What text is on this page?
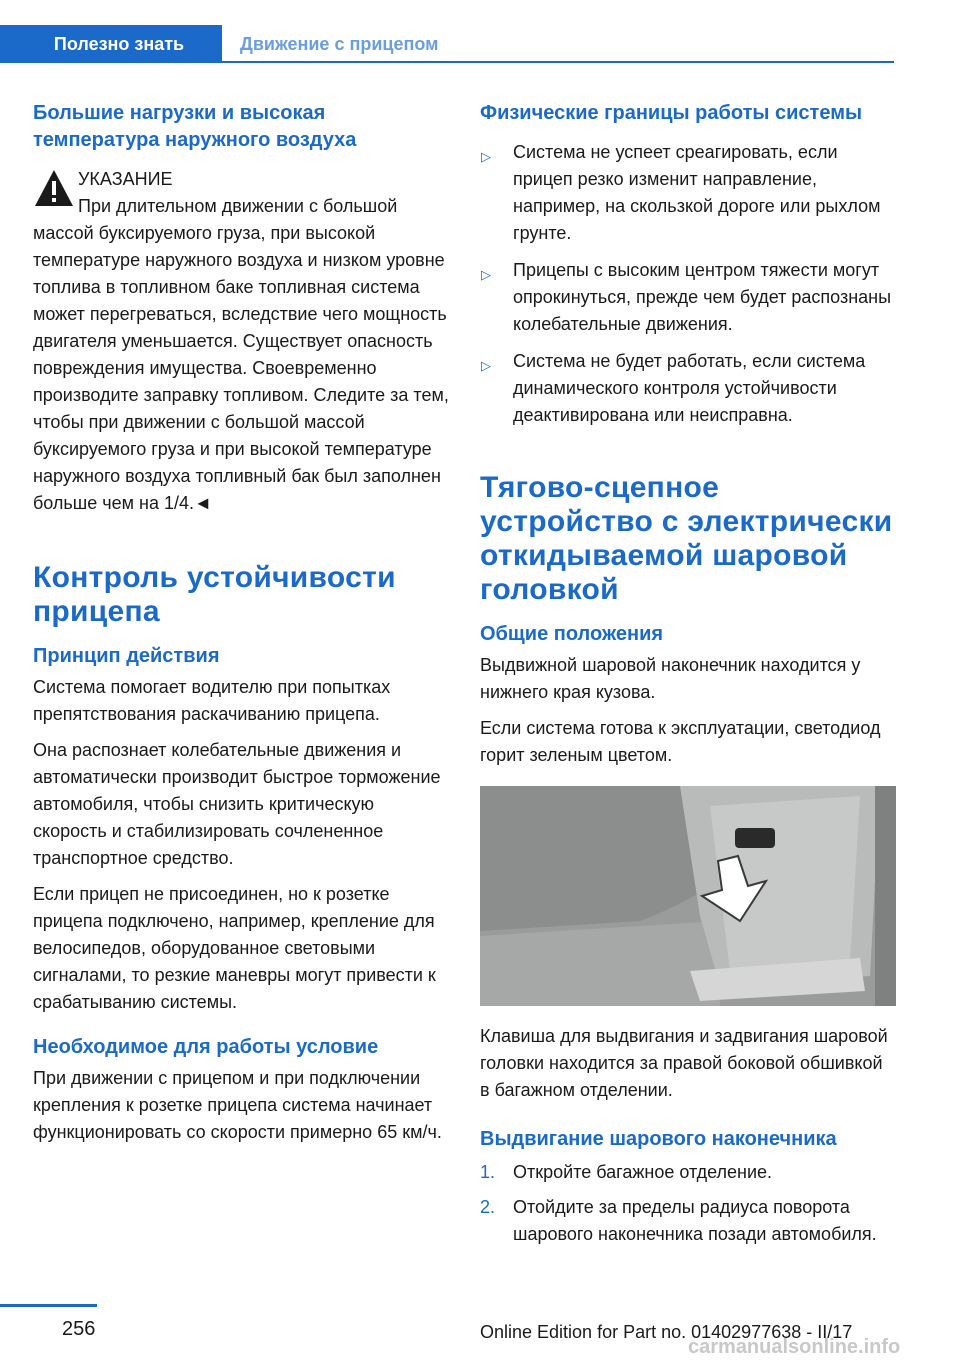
Полезно знать	Движение с прицепом
Большие нагрузки и высокая температура наружного воздуха
УКАЗАНИЕ

При длительном движении с большой массой буксируемого груза, при высокой температуре наружного воздуха и низком уровне топлива в топливном баке топливная система может перегреваться, вследствие чего мощность двигателя уменьшается. Существует опасность повреждения имущества. Своевременно производите заправку топливом. Следите за тем, чтобы при движении с большой массой буксируемого груза и при высокой температуре наружного воздуха топливный бак был заполнен больше чем на 1/4.◄

Контроль устойчивости прицепа
Принцип действия

Система помогает водителю при попытках препятствования раскачиванию прицепа.

Она распознает колебательные движения и автоматически производит быстрое торможение автомобиля, чтобы снизить критическую скорость и стабилизировать сочлененное транспортное средство.

Если прицеп не присоединен, но к розетке прицепа подключено, например, крепление для велосипедов, оборудованное световыми сигналами, то резкие маневры могут привести к срабатыванию системы.

Необходимое для работы условие

При движении с прицепом и при подключении крепления к розетке прицепа система начинает функционировать со скорости примерно 65 км/ч.

Физические границы работы системы
▷ Система не успеет среагировать, если прицеп резко изменит направление, например, на скользкой дороге или рыхлом грунте.
▷ Прицепы с высоким центром тяжести могут опрокинуться, прежде чем будет распознаны колебательные движения.
▷ Система не будет работать, если система динамического контроля устойчивости деактивирована или неисправна.
Тягово-сцепное устройство с электрически откидываемой шаровой головкой
Общие положения

Выдвижной шаровой наконечник находится у нижнего края кузова.

Если система готова к эксплуатации, светодиод горит зеленым цветом.

Клавиша для выдвигания и задвигания шаровой головки находится за правой боковой обшивкой в багажном отделении.

Выдвигание шарового наконечника
1. Откройте багажное отделение.
2. Отойдите за пределы радиуса поворота шарового наконечника позади автомобиля.
256	Online Edition for Part no. 01402977638 - II/17
carmanualsonline.info
